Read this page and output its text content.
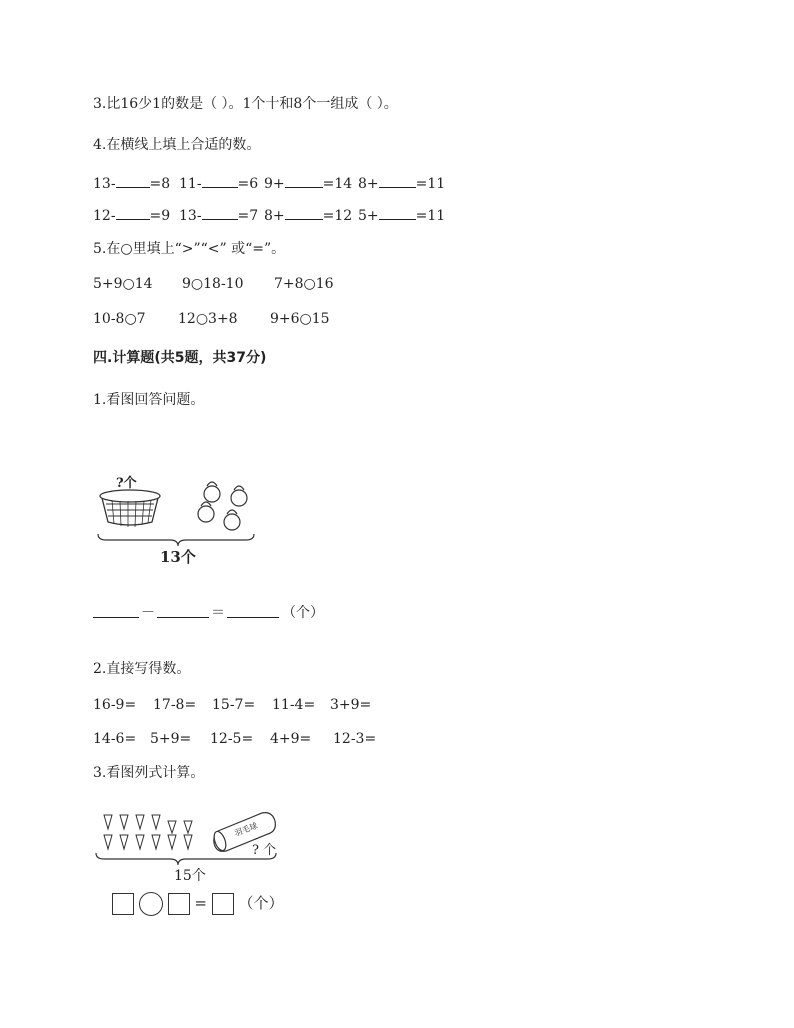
3.比16少1的数是（ ）。1个十和8个一组成（ ）。
4.在横线上填上合适的数。
13- =8 11-	=6 9+	=14 8+	=11
12- =9 13-	=7 8+	=12 5+	=11
5.在○里填上“>”“<” 或“=”。
5+9○14 9○18-10 7+8○16
10-8○7 12○3+8 9+6○15
四.计算题(共5题，共37分)
1.看图回答问题。
?个
13个
－	＝	（个）
2.直接写得数。
16-9= 17-8= 15-7= 11-4= 3+9=
14-6= 5+9= 12-5= 4+9= 12-3=
3.看图列式计算。
羽毛球
? 个
15个
= （个）
